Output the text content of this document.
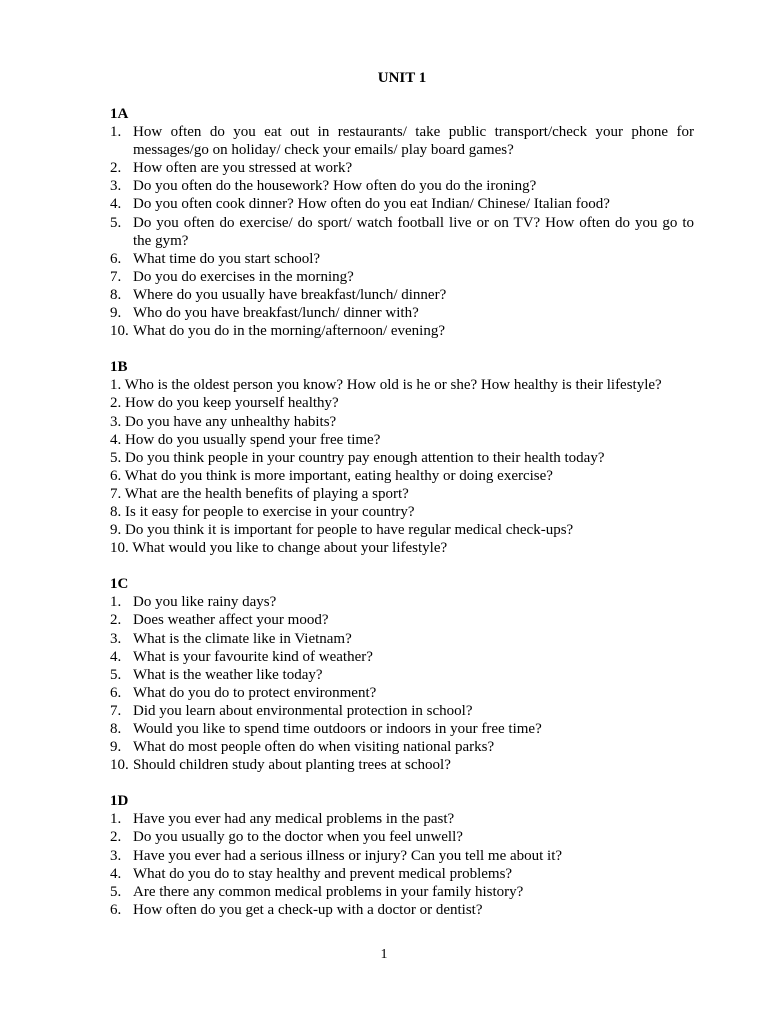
UNIT 1

1A

1. How often do you eat out in restaurants/ take public transport/check your phone for messages/go on holiday/ check your emails/ play board games?
2. How often are you stressed at work?
3. Do you often do the housework? How often do you do the ironing?
4. Do you often cook dinner? How often do you eat Indian/ Chinese/ Italian food?
5. Do you often do exercise/ do sport/ watch football live or on TV? How often do you go to the gym?
6. What time do you start school?
7. Do you do exercises in the morning?
8. Where do you usually have breakfast/lunch/ dinner?
9. Who do you have breakfast/lunch/ dinner with?
10. What do you do in the morning/afternoon/ evening?

1B

1. Who is the oldest person you know? How old is he or she? How healthy is their lifestyle?

2. How do you keep yourself healthy?

3. Do you have any unhealthy habits?

4. How do you usually spend your free time?

5. Do you think people in your country pay enough attention to their health today?

6. What do you think is more important, eating healthy or doing exercise?

7. What are the health benefits of playing a sport?

8. Is it easy for people to exercise in your country?

9. Do you think it is important for people to have regular medical check-ups?

10. What would you like to change about your lifestyle?

1C

1. Do you like rainy days?
2. Does weather affect your mood?
3. What is the climate like in Vietnam?
4. What is your favourite kind of weather?
5. What is the weather like today?
6. What do you do to protect environment?
7. Did you learn about environmental protection in school?
8. Would you like to spend time outdoors or indoors in your free time?
9. What do most people often do when visiting national parks?
10. Should children study about planting trees at school?

1D

1. Have you ever had any medical problems in the past?
2. Do you usually go to the doctor when you feel unwell?
3. Have you ever had a serious illness or injury? Can you tell me about it?
4. What do you do to stay healthy and prevent medical problems?
5. Are there any common medical problems in your family history?
6. How often do you get a check-up with a doctor or dentist?
1
